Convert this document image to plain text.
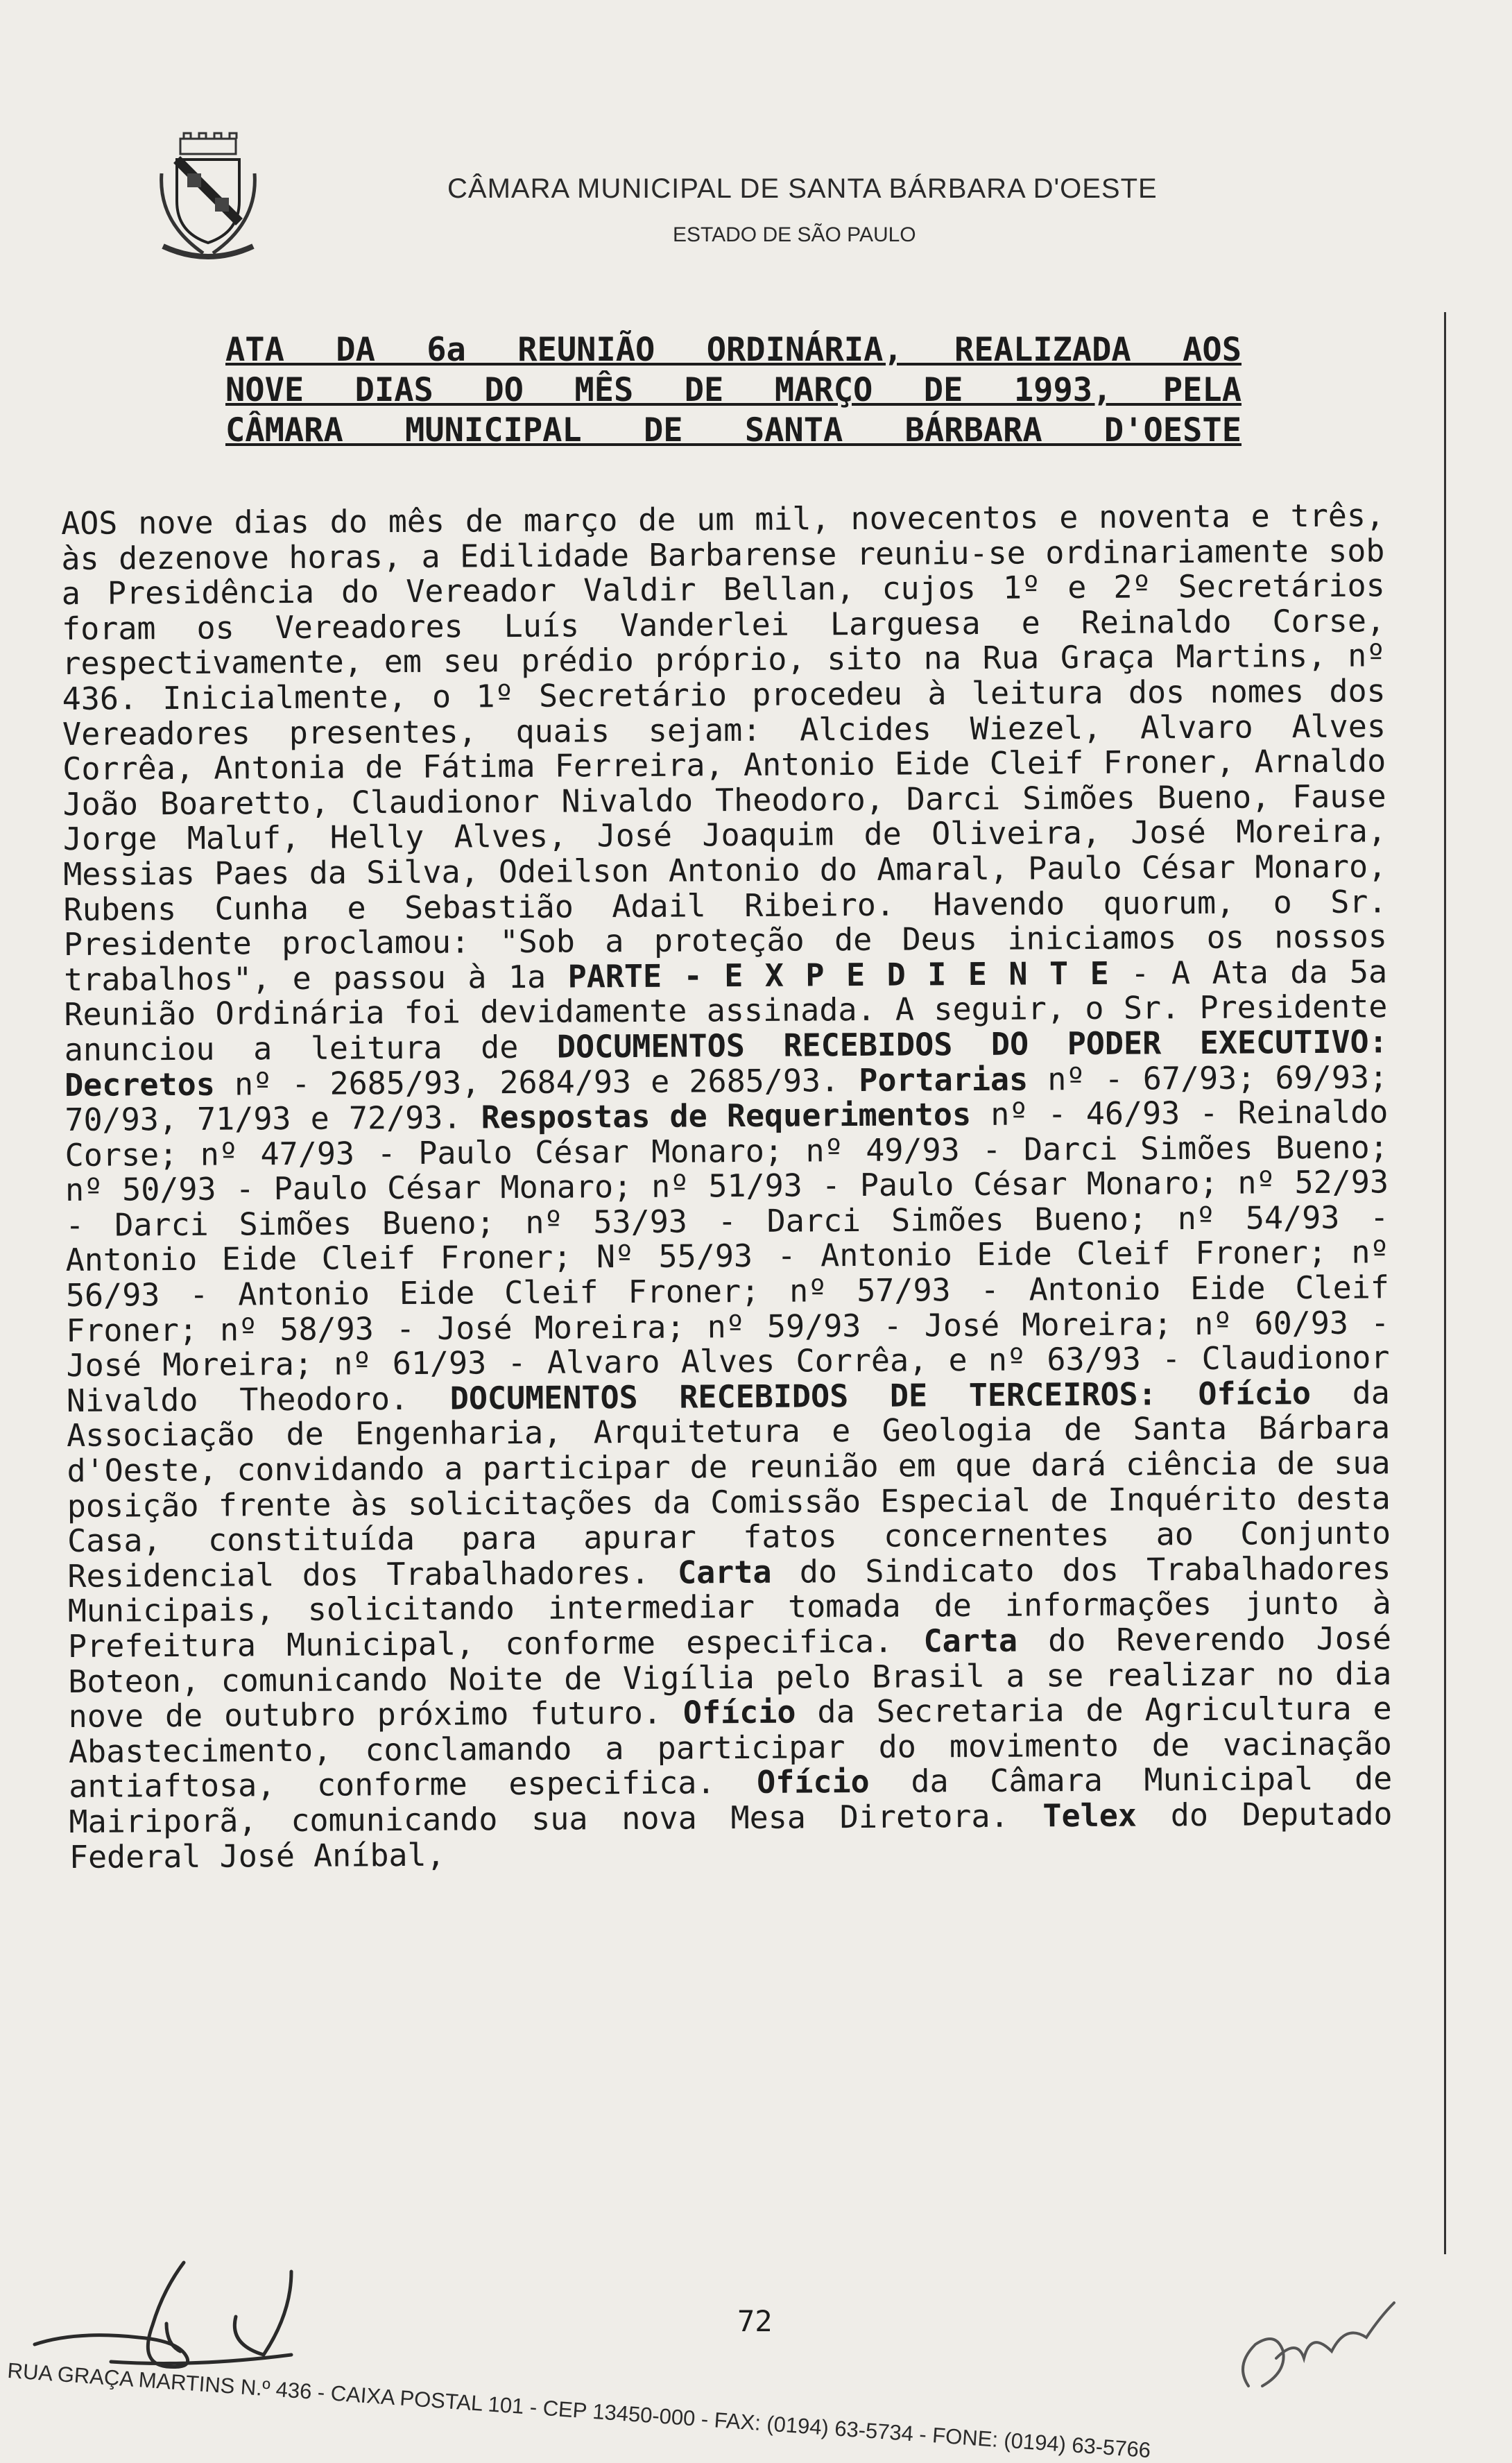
CÂMARA MUNICIPAL DE SANTA BÁRBARA D'OESTE
ESTADO DE SÃO PAULO
ATA DA 6a REUNIÃO ORDINÁRIA, REALIZADA AOS
NOVE DIAS DO MÊS DE MARÇO DE 1993, PELA
CÂMARA MUNICIPAL DE SANTA BÁRBARA D'OESTE
AOS nove dias do mês de março de um mil, novecentos e noventa e três, às dezenove horas, a Edilidade Barbarense reuniu-se ordinariamente sob a Presidência do Vereador Valdir Bellan, cujos 1º e 2º Secretários foram os Vereadores Luís Vanderlei Larguesa e Reinaldo Corse, respectivamente, em seu prédio próprio, sito na Rua Graça Martins, nº 436. Inicialmente, o 1º Secretário procedeu à leitura dos nomes dos Vereadores presentes, quais sejam: Alcides Wiezel, Alvaro Alves Corrêa, Antonia de Fátima Ferreira, Antonio Eide Cleif Froner, Arnaldo João Boaretto, Claudionor Nivaldo Theodoro, Darci Simões Bueno, Fause Jorge Maluf, Helly Alves, José Joaquim de Oliveira, José Moreira, Messias Paes da Silva, Odeilson Antonio do Amaral, Paulo César Monaro, Rubens Cunha e Sebastião Adail Ribeiro. Havendo quorum, o Sr. Presidente proclamou: "Sob a proteção de Deus iniciamos os nossos trabalhos", e passou à 1a PARTE - E X P E D I E N T E - A Ata da 5a Reunião Ordinária foi devidamente assinada. A seguir, o Sr. Presidente anunciou a leitura de DOCUMENTOS RECEBIDOS DO PODER EXECUTIVO: Decretos nº - 2685/93, 2684/93 e 2685/93. Portarias nº - 67/93; 69/93; 70/93, 71/93 e 72/93. Respostas de Requerimentos nº - 46/93 - Reinaldo Corse; nº 47/93 - Paulo César Monaro; nº 49/93 - Darci Simões Bueno; nº 50/93 - Paulo César Monaro; nº 51/93 - Paulo César Monaro; nº 52/93 - Darci Simões Bueno; nº 53/93 - Darci Simões Bueno; nº 54/93 - Antonio Eide Cleif Froner; Nº 55/93 - Antonio Eide Cleif Froner; nº 56/93 - Antonio Eide Cleif Froner; nº 57/93 - Antonio Eide Cleif Froner; nº 58/93 - José Moreira; nº 59/93 - José Moreira; nº 60/93 - José Moreira; nº 61/93 - Alvaro Alves Corrêa, e nº 63/93 - Claudionor Nivaldo Theodoro. DOCUMENTOS RECEBIDOS DE TERCEIROS: Ofício da Associação de Engenharia, Arquitetura e Geologia de Santa Bárbara d'Oeste, convidando a participar de reunião em que dará ciência de sua posição frente às solicitações da Comissão Especial de Inquérito desta Casa, constituída para apurar fatos concernentes ao Conjunto Residencial dos Trabalhadores. Carta do Sindicato dos Trabalhadores Municipais, solicitando intermediar tomada de informações junto à Prefeitura Municipal, conforme especifica. Carta do Reverendo José Boteon, comunicando Noite de Vigília pelo Brasil a se realizar no dia nove de outubro próximo futuro. Ofício da Secretaria de Agricultura e Abastecimento, conclamando a participar do movimento de vacinação antiaftosa, conforme especifica. Ofício da Câmara Municipal de Mairiporã, comunicando sua nova Mesa Diretora. Telex do Deputado Federal José Aníbal,
72
RUA GRAÇA MARTINS N.º 436 - CAIXA POSTAL 101 - CEP 13450-000 - FAX: (0194) 63-5734 - FONE: (0194) 63-5766
